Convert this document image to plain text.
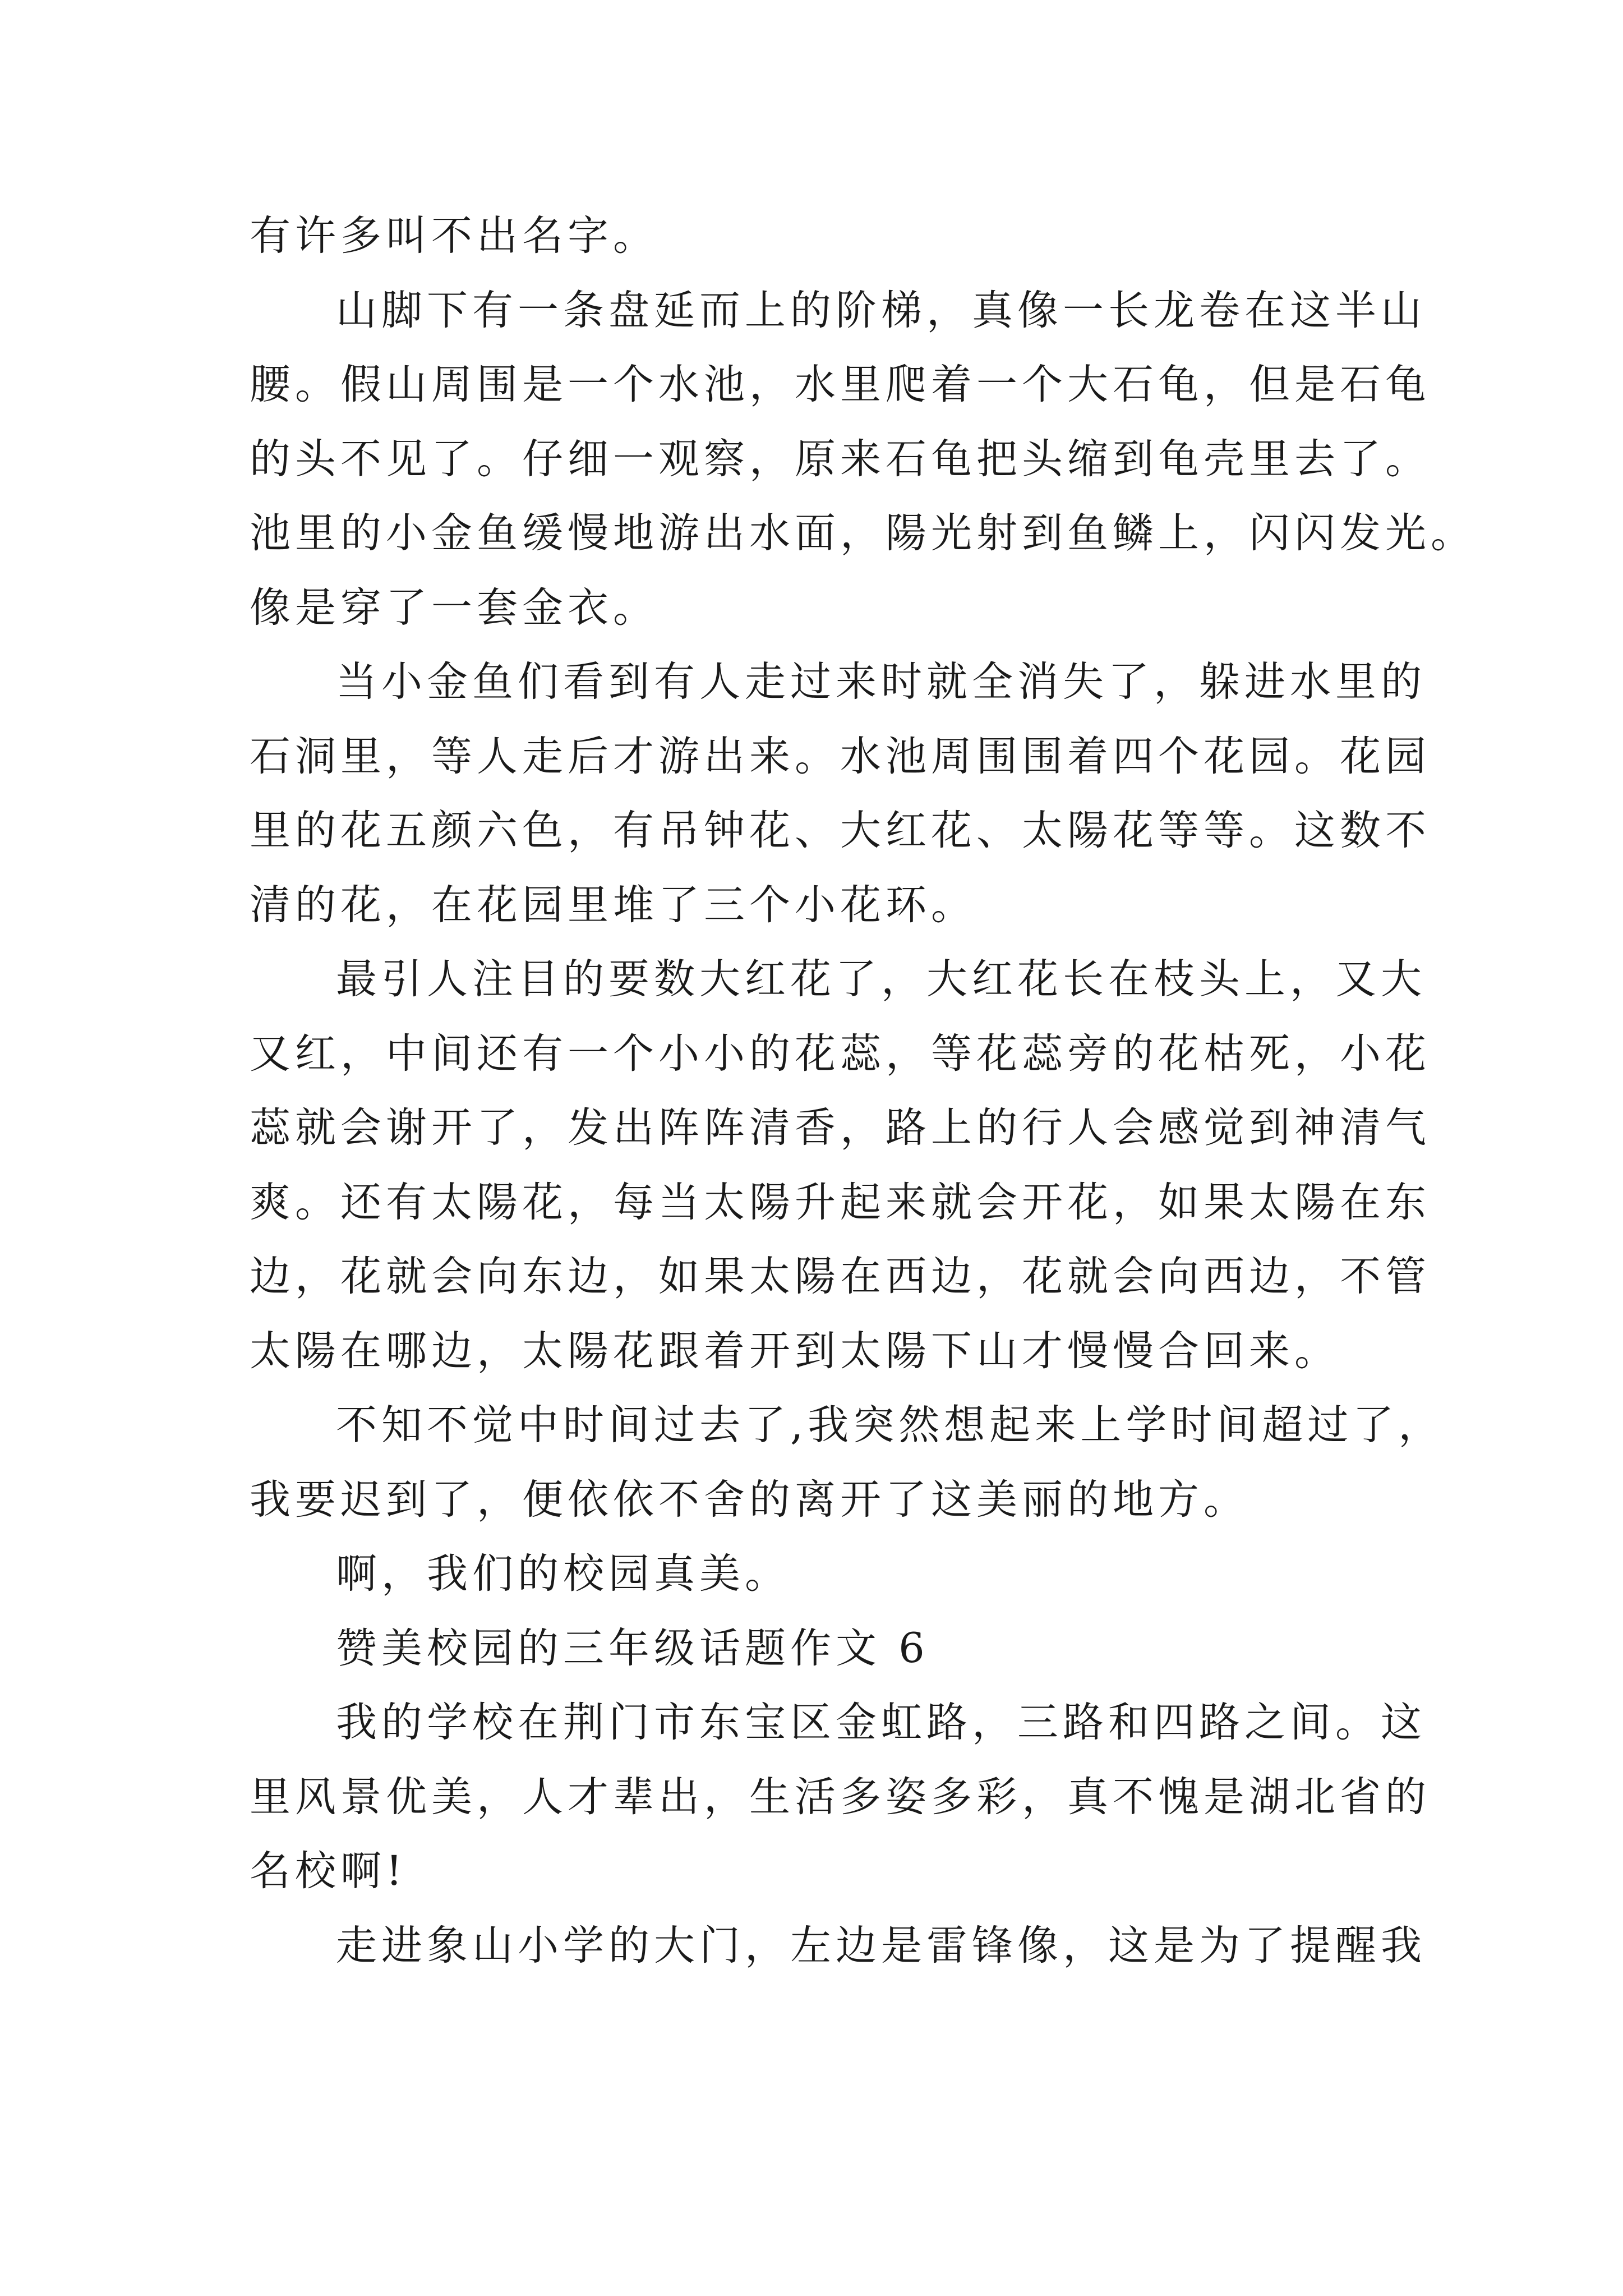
有许多叫不出名字。
山脚下有一条盘延而上的阶梯，真像一长龙卷在这半山
腰。假山周围是一个水池，水里爬着一个大石龟，但是石龟
的头不见了。仔细一观察，原来石龟把头缩到龟壳里去了。
池里的小金鱼缓慢地游出水面，陽光射到鱼鳞上，闪闪发光。
像是穿了一套金衣。
当小金鱼们看到有人走过来时就全消失了，躲进水里的
石洞里，等人走后才游出来。水池周围围着四个花园。花园
里的花五颜六色，有吊钟花、大红花、太陽花等等。这数不
清的花，在花园里堆了三个小花环。
最引人注目的要数大红花了，大红花长在枝头上，又大
又红，中间还有一个小小的花蕊，等花蕊旁的花枯死，小花
蕊就会谢开了，发出阵阵清香，路上的行人会感觉到神清气
爽。还有太陽花，每当太陽升起来就会开花，如果太陽在东
边，花就会向东边，如果太陽在西边，花就会向西边，不管
太陽在哪边，太陽花跟着开到太陽下山才慢慢合回来。
不知不觉中时间过去了,我突然想起来上学时间超过了，
我要迟到了，便依依不舍的离开了这美丽的地方。
啊，我们的校园真美。
赞美校园的三年级话题作文 6
我的学校在荆门市东宝区金虹路，三路和四路之间。这
里风景优美，人才辈出，生活多姿多彩，真不愧是湖北省的
名校啊!
走进象山小学的大门，左边是雷锋像，这是为了提醒我
